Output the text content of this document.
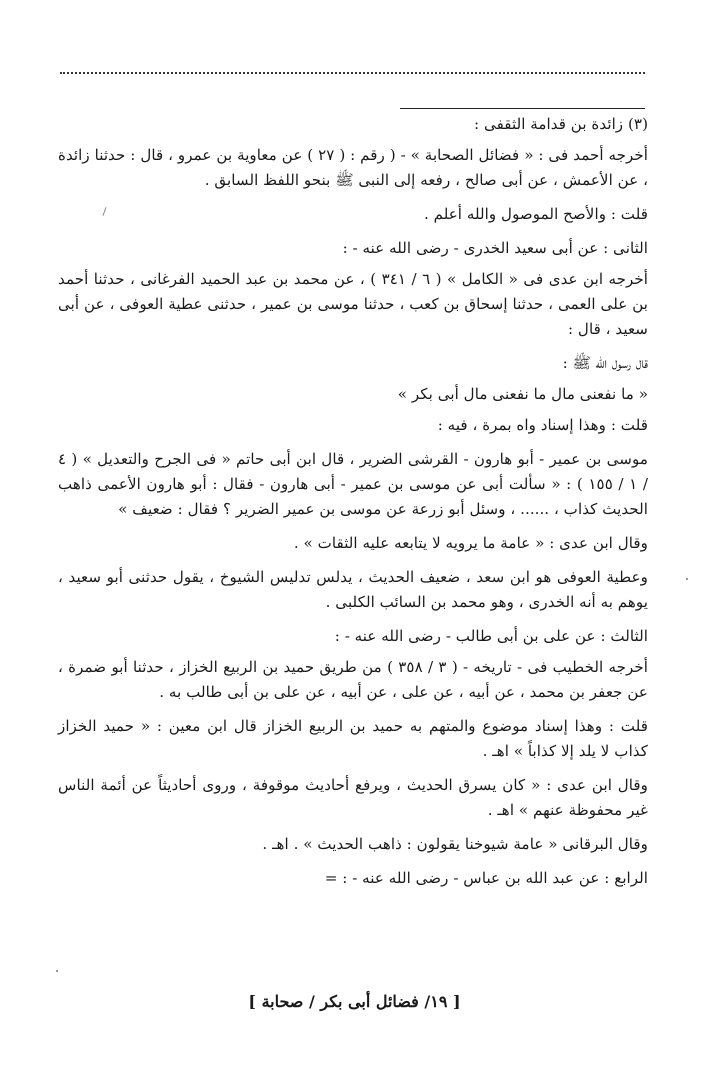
(٣) زائدة بن قدامة الثقفى :

أخرجه أحمد فى : « فضائل الصحابة » - ( رقم : ( ٢٧ ) عن معاوية بن عمرو ، قال : حدثنا زائدة ، عن الأعمش ، عن أبى صالح ، رفعه إلى النبى ﷺ بنحو اللفظ السابق .

قلت : والأصح الموصول والله أعلم .

الثانى : عن أبى سعيد الخدرى - رضى الله عنه - :

أخرجه ابن عدى فى « الكامل » ( ٦ / ٣٤١ ) ، عن محمد بن عبد الحميد الفرغانى ، حدثنا أحمد بن على العمى ، حدثنا إسحاق بن كعب ، حدثنا موسى بن عمير ، حدثنى عطية العوفى ، عن أبى سعيد ، قال :

قال رسول الله ﷺ :

« ما نفعنى مال ما نفعنى مال أبى بكر »

قلت : وهذا إسناد واه بمرة ، فيه :

موسى بن عمير - أبو هارون - القرشى الضرير ، قال ابن أبى حاتم « فى الجرح والتعديل » ( ٤ / ١ / ١٥٥ ) : « سألت أبى عن موسى بن عمير - أبى هارون - فقال : أبو هارون الأعمى ذاهب الحديث كذاب ، ...... ، وسئل أبو زرعة عن موسى بن عمير الضرير ؟ فقال : ضعيف »

وقال ابن عدى : « عامة ما يرويه لا يتابعه عليه الثقات » .

وعطية العوفى هو ابن سعد ، ضعيف الحديث ، يدلس تدليس الشيوخ ، يقول حدثنى أبو سعيد ، يوهم به أنه الخدرى ، وهو محمد بن السائب الكلبى .

الثالث : عن على بن أبى طالب - رضى الله عنه - :

أخرجه الخطيب فى - تاريخه - ( ٣ / ٣٥٨ ) من طريق حميد بن الربيع الخزاز ، حدثنا أبو ضمرة ، عن جعفر بن محمد ، عن أبيه ، عن على ، عن أبيه ، عن على بن أبى طالب به .

قلت : وهذا إسناد موضوع والمتهم به حميد بن الربيع الخزاز قال ابن معين : « حميد الخزاز كذاب لا يلد إلا كذاباً » اهـ .

وقال ابن عدى : « كان يسرق الحديث ، ويرفع أحاديث موقوفة ، وروى أحاديثاً عن أئمة الناس غير محفوظة عنهم » اهـ .

وقال البرقانى « عامة شيوخنا يقولون : ذاهب الحديث » . اهـ .

الرابع : عن عبد الله بن عباس - رضى الله عنه - : =

[ ١٩/ فضائل أبى بكر / صحابة ]
